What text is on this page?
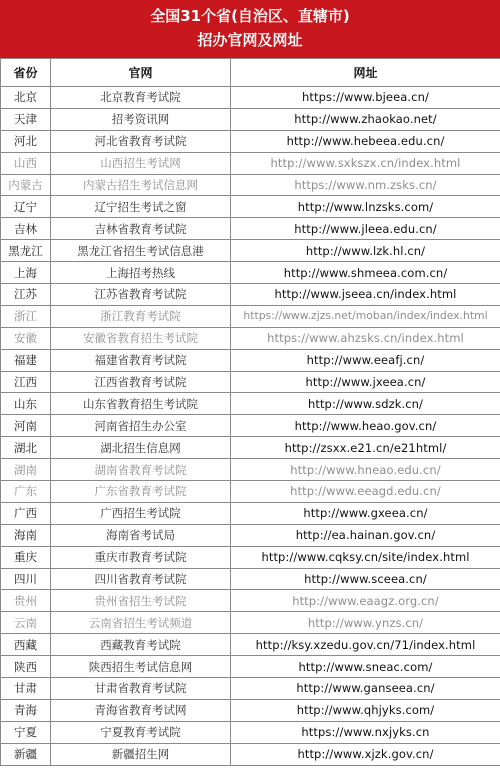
全国31个省(自治区、直辖市)
招办官网及网址
省份	官网	网址
北京	北京教育考试院	https://www.bjeea.cn/
天津	招考资讯网	http://www.zhaokao.net/
河北	河北省教育考试院	http://www.hebeea.edu.cn/
山西	山西招生考试网	http://www.sxkszx.cn/index.html
内蒙古	内蒙古招生考试信息网	https://www.nm.zsks.cn/
辽宁	辽宁招生考试之窗	http://www.lnzsks.com/
吉林	吉林省教育考试院	http://www.jleea.edu.cn/
黑龙江	黑龙江省招生考试信息港	http://www.lzk.hl.cn/
上海	上海招考热线	http://www.shmeea.com.cn/
江苏	江苏省教育考试院	http://www.jseea.cn/index.html
浙江	浙江教育考试院	https://www.zjzs.net/moban/index/index.html
安徽	安徽省教育招生考试院	https://www.ahzsks.cn/index.html
福建	福建省教育考试院	http://www.eeafj.cn/
江西	江西省教育考试院	http://www.jxeea.cn/
山东	山东省教育招生考试院	http://www.sdzk.cn/
河南	河南省招生办公室	http://www.heao.gov.cn/
湖北	湖北招生信息网	http://zsxx.e21.cn/e21html/
湖南	湖南省教育考试院	http://www.hneao.edu.cn/
广东	广东省教育考试院	http://www.eeagd.edu.cn/
广西	广西招生考试院	http://www.gxeea.cn/
海南	海南省考试局	http://ea.hainan.gov.cn/
重庆	重庆市教育考试院	http://www.cqksy.cn/site/index.html
四川	四川省教育考试院	http://www.sceea.cn/
贵州	贵州省招生考试院	http://www.eaagz.org.cn/
云南	云南省招生考试频道	http://www.ynzs.cn/
西藏	西藏教育考试院	http://ksy.xzedu.gov.cn/71/index.html
陕西	陕西招生考试信息网	http://www.sneac.com/
甘肃	甘肃省教育考试院	http://www.ganseea.cn/
青海	青海省教育考试网	http://www.qhjyks.com/
宁夏	宁夏教育考试院	https://www.nxjyks.cn
新疆	新疆招生网	http://www.xjzk.gov.cn/
